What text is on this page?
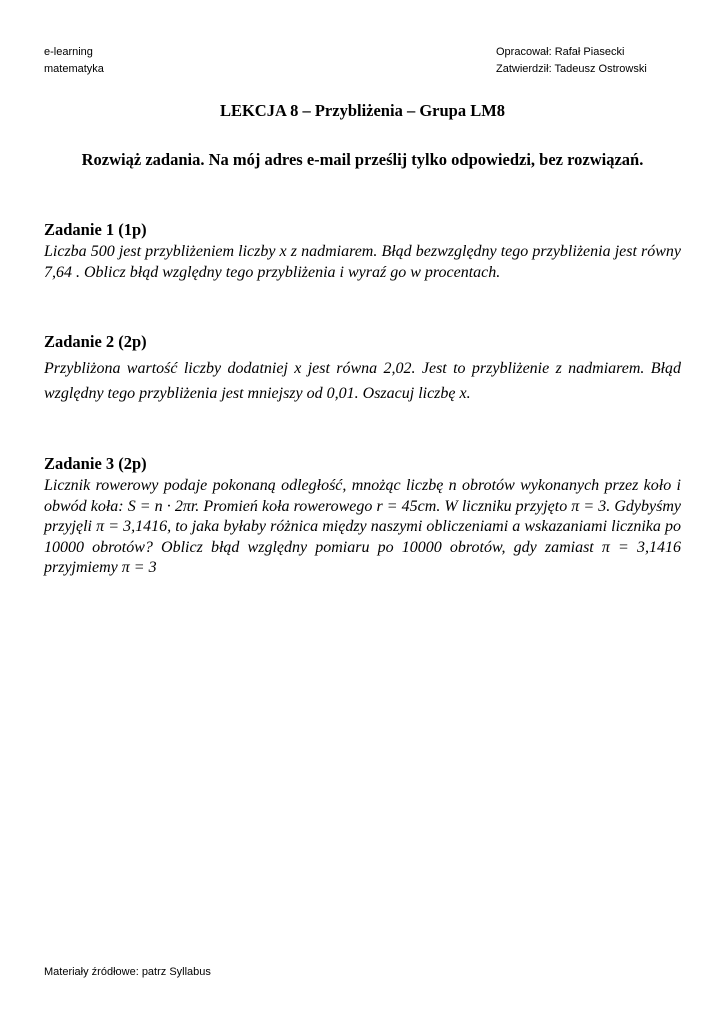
e-learning
matematyka
Opracował: Rafał Piasecki
Zatwierdził: Tadeusz Ostrowski
LEKCJA 8 – Przybliżenia – Grupa LM8
Rozwiąż zadania. Na mój adres e-mail prześlij tylko odpowiedzi, bez rozwiązań.

Zadanie 1 (1p)

Liczba 500 jest przybliżeniem liczby x z nadmiarem. Błąd bezwzględny tego przybliżenia jest równy 7,64 . Oblicz błąd względny tego przybliżenia i wyraź go w procentach.

Zadanie 2 (2p)

Przybliżona wartość liczby dodatniej x jest równa 2,02. Jest to przybliżenie z nadmiarem. Błąd względny tego przybliżenia jest mniejszy od 0,01. Oszacuj liczbę x.

Zadanie 3 (2p)

Licznik rowerowy podaje pokonaną odległość, mnożąc liczbę n obrotów wykonanych przez koło i obwód koła: S = n · 2πr. Promień koła rowerowego r = 45cm. W liczniku przyjęto π = 3. Gdybyśmy przyjęli π = 3,1416, to jaka byłaby różnica między naszymi obliczeniami a wskazaniami licznika po 10000 obrotów? Oblicz błąd względny pomiaru po 10000 obrotów, gdy zamiast π = 3,1416 przyjmiemy π = 3

Materiały źródłowe: patrz Syllabus
